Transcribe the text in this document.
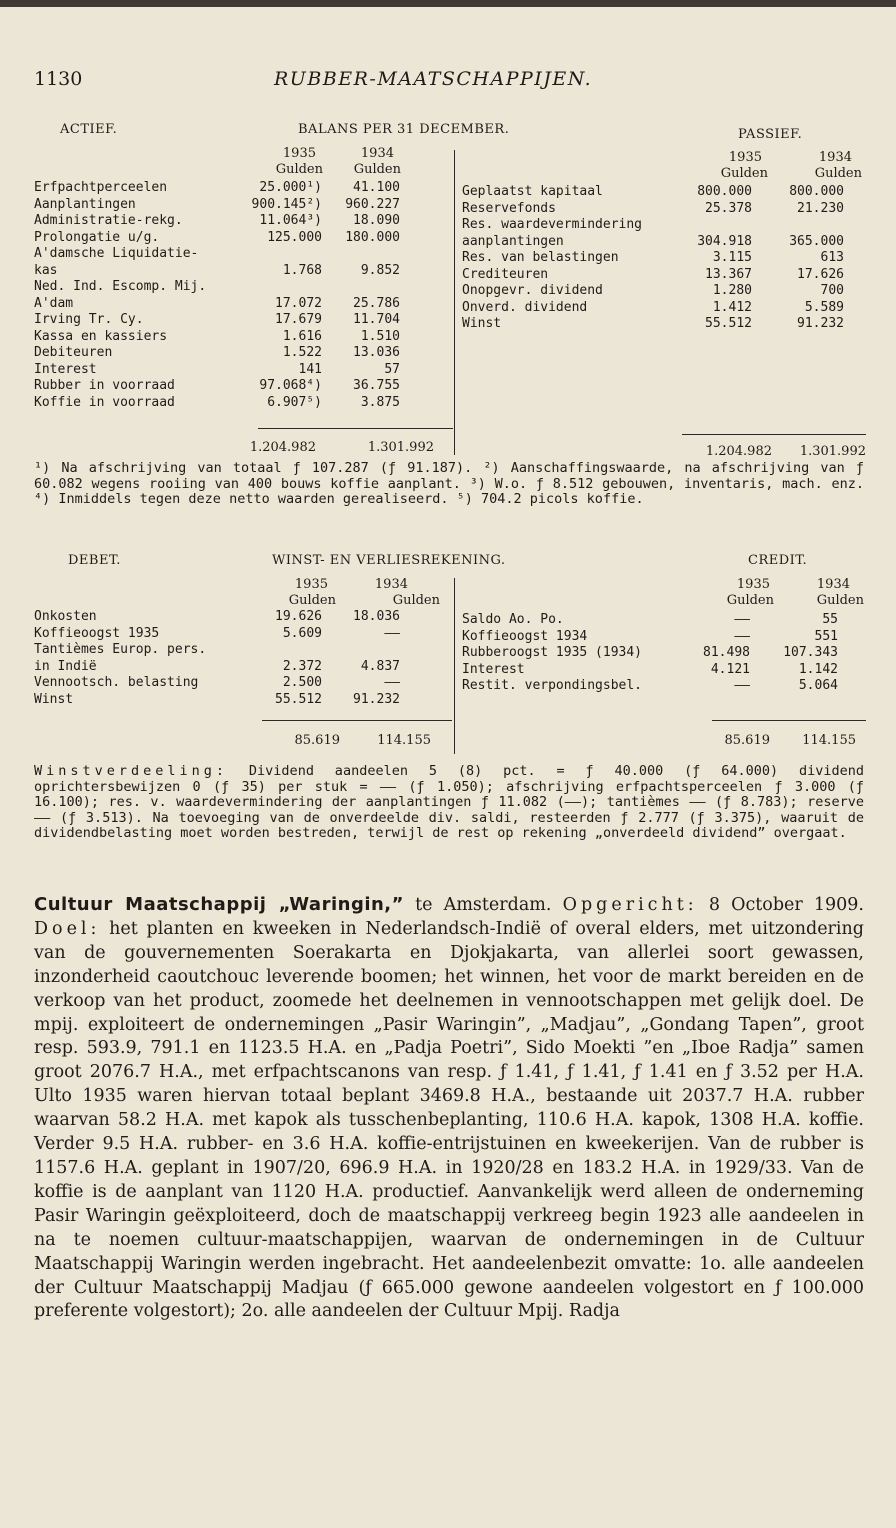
1130	RUBBER-MAATSCHAPPIJEN.
ACTIEF.	BALANS PER 31 DECEMBER.	PASSIEF.
1935	1934
Gulden Gulden
1935	1934
Gulden	Gulden
Erfpachtperceelen	25.000¹) 41.100
Aanplantingen	900.145²) 960.227
Administratie-rekg.	11.064³) 18.090
Prolongatie u/g.	125.000 180.000
A'damsche Liquidatie-
kas	1.768	9.852
Ned. Ind. Escomp. Mij.
A'dam	17.072 25.786
Irving Tr. Cy.	17.679 11.704
Kassa en kassiers	1.616	1.510
Debiteuren	1.522 13.036
Interest	141	57
Rubber in voorraad	97.068⁴) 36.755
Koffie in voorraad	6.907⁵)	3.875
1.204.982	1.301.992
Geplaatst kapitaal	800.000	800.000
Reservefonds	25.378	21.230
Res. waardevermindering
aanplantingen	304.918	365.000
Res. van belastingen	3.115	613
Crediteuren	13.367	17.626
Onopgevr. dividend	1.280	700
Onverd. dividend	1.412	5.589
Winst	55.512	91.232
1.204.982 1.301.992
¹) Na afschrijving van totaal ƒ 107.287 (ƒ 91.187). ²) Aanschaffingswaarde, na afschrijving van ƒ 60.082 wegens rooiing van 400 bouws koffie aanplant. ³) W.o. ƒ 8.512 gebouwen, inventaris, mach. enz. ⁴) Inmiddels tegen deze netto waarden gerealiseerd. ⁵) 704.2 picols koffie.
DEBET.	WINST- EN VERLIESREKENING.	CREDIT.
1935	1934
Gulden	Gulden
1935	1934
Gulden	Gulden
Onkosten	19.626 18.036
Koffieoogst 1935	5.609	——
Tantièmes Europ. pers.
in Indië	2.372	4.837
Vennootsch. belasting	2.500	——
Winst	55.512 91.232
85.619	114.155
Saldo Ao. Po.	——	55
Koffieoogst 1934	——	551
Rubberoogst 1935 (1934)	81.498	107.343
Interest	4.121	1.142
Restit. verpondingsbel.	——	5.064
85.619 114.155
Winstverdeeling: Dividend aandeelen 5 (8) pct. = ƒ 40.000 (ƒ 64.000) dividend oprichtersbewijzen 0 (ƒ 35) per stuk = —— (ƒ 1.050); afschrijving erfpachtsperceelen ƒ 3.000 (ƒ 16.100); res. v. waardevermindering der aanplantingen ƒ 11.082 (——); tantièmes —— (ƒ 8.783); reserve —— (ƒ 3.513). Na toevoeging van de onverdeelde div. saldi, resteerden ƒ 2.777 (ƒ 3.375), waaruit de dividendbelasting moet worden bestreden, terwijl de rest op rekening „onverdeeld dividend” overgaat.
Cultuur Maatschappij „Waringin,” te Amsterdam. Opgericht: 8 October 1909. Doel: het planten en kweeken in Nederlandsch-Indië of overal elders, met uitzondering van de gouvernementen Soerakarta en Djokjakarta, van allerlei soort gewassen, inzonderheid caoutchouc leverende boomen; het winnen, het voor de markt bereiden en de verkoop van het product, zoomede het deelnemen in vennootschappen met gelijk doel. De mpij. exploiteert de ondernemingen „Pasir Waringin”, „Madjau”, „Gondang Tapen”, groot resp. 593.9, 791.1 en 1123.5 H.A. en „Padja Poetri”, Sido Moekti ”en „Iboe Radja” samen groot 2076.7 H.A., met erfpachtscanons van resp. ƒ 1.41, ƒ 1.41, ƒ 1.41 en ƒ 3.52 per H.A. Ulto 1935 waren hiervan totaal beplant 3469.8 H.A., bestaande uit 2037.7 H.A. rubber waarvan 58.2 H.A. met kapok als tusschenbeplanting, 110.6 H.A. kapok, 1308 H.A. koffie. Verder 9.5 H.A. rubber- en 3.6 H.A. koffie-entrijstuinen en kweekerijen. Van de rubber is 1157.6 H.A. geplant in 1907/20, 696.9 H.A. in 1920/28 en 183.2 H.A. in 1929/33. Van de koffie is de aanplant van 1120 H.A. productief. Aanvankelijk werd alleen de onderneming Pasir Waringin geëxploiteerd, doch de maatschappij verkreeg begin 1923 alle aandeelen in na te noemen cultuur-maatschappijen, waarvan de ondernemingen in de Cultuur Maatschappij Waringin werden ingebracht. Het aandeelenbezit omvatte: 1o. alle aandeelen der Cultuur Maatschappij Madjau (ƒ 665.000 gewone aandeelen volgestort en ƒ 100.000 preferente volgestort); 2o. alle aandeelen der Cultuur Mpij. Radja
